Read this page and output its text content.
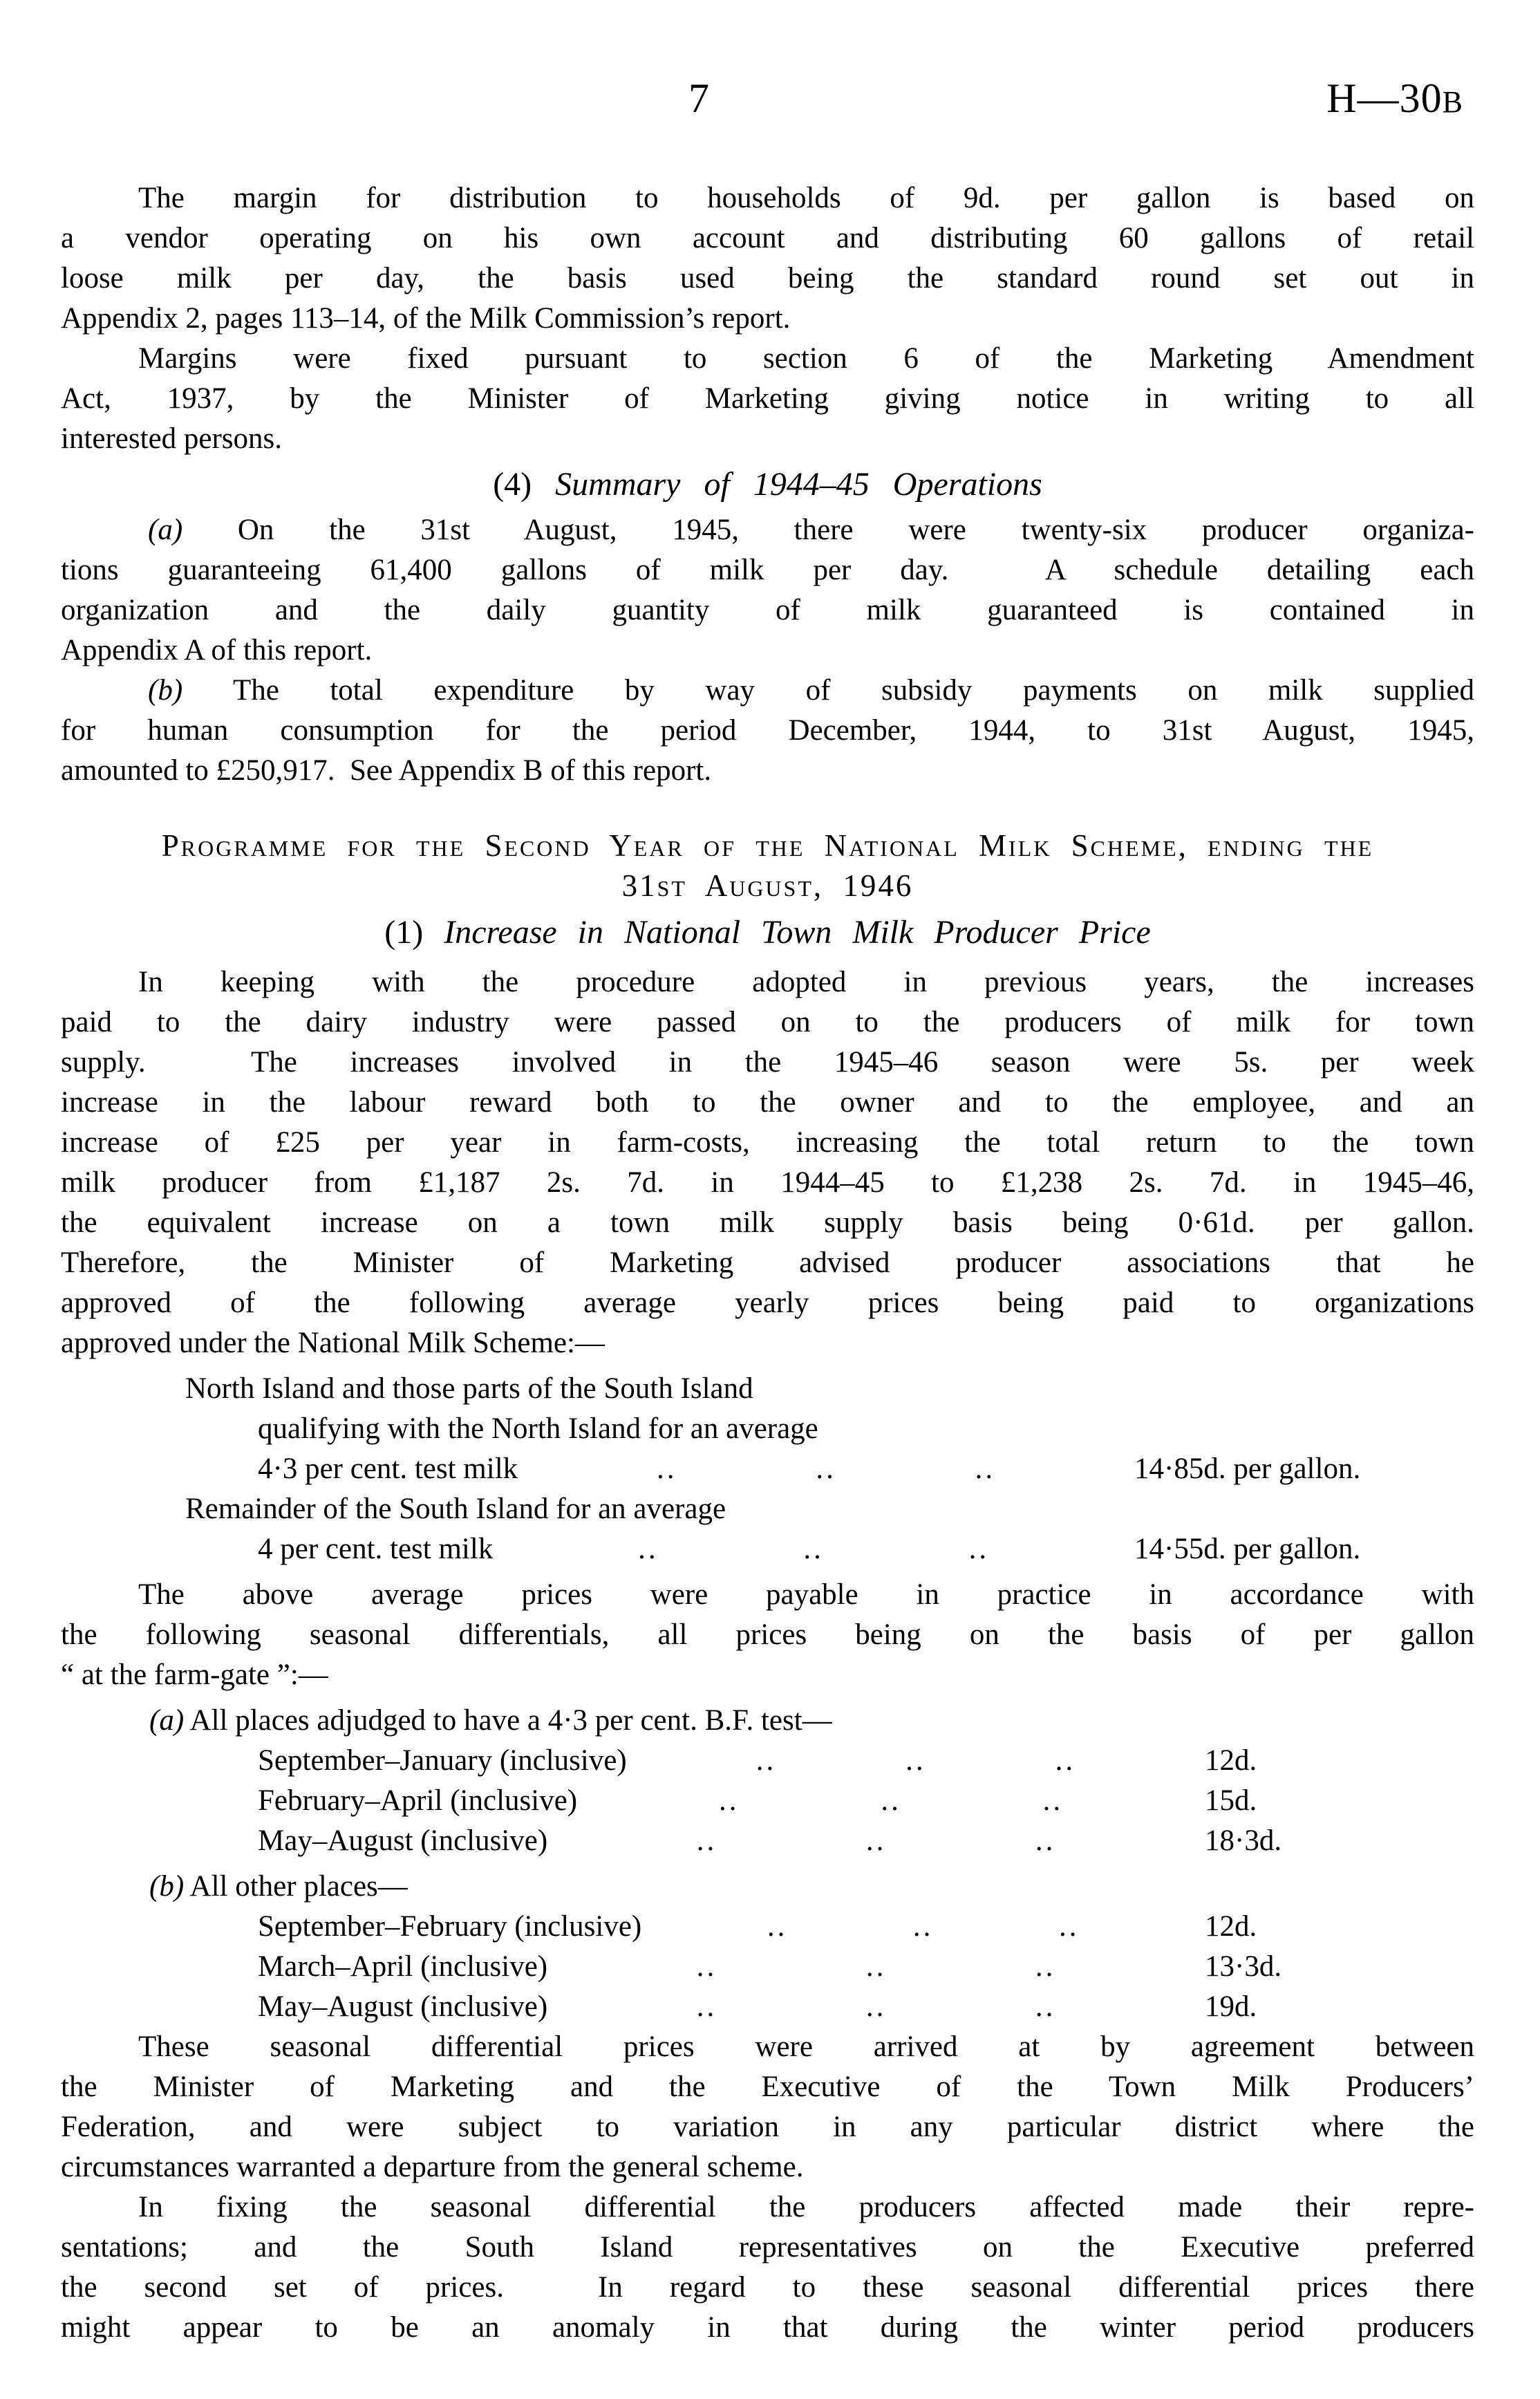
7	H—30B
The margin for distribution to households of 9d. per gallon is based on
a vendor operating on his own account and distributing 60 gallons of retail
loose milk per day, the basis used being the standard round set out in
Appendix 2, pages 113–14, of the Milk Commission’s report.
Margins were fixed pursuant to section 6 of the Marketing Amendment
Act, 1937, by the Minister of Marketing giving notice in writing to all
interested persons.
(4) Summary of 1944–45 Operations
(a) On the 31st August, 1945, there were twenty-six producer organiza-
tions guaranteeing 61,400 gallons of milk per day.  A schedule detailing each
organization and the daily guantity of milk guaranteed is contained in
Appendix A of this report.
(b) The total expenditure by way of subsidy payments on milk supplied
for human consumption for the period December, 1944, to 31st August, 1945,
amounted to £250,917.  See Appendix B of this report.
Programme for the Second Year of the National Milk Scheme, ending the
31st August, 1946
(1) Increase in National Town Milk Producer Price
In keeping with the procedure adopted in previous years, the increases
paid to the dairy industry were passed on to the producers of milk for town
supply.  The increases involved in the 1945–46 season were 5s. per week
increase in the labour reward both to the owner and to the employee, and an
increase of £25 per year in farm-costs, increasing the total return to the town
milk producer from £1,187 2s. 7d. in 1944–45 to £1,238 2s. 7d. in 1945–46,
the equivalent increase on a town milk supply basis being 0·61d. per gallon.
Therefore, the Minister of Marketing advised producer associations that he
approved of the following average yearly prices being paid to organizations
approved under the National Milk Scheme:—
North Island and those parts of the South Island
qualifying with the North Island for an average
4·3 per cent. test milk	..	..	..	14·85d. per gallon.
Remainder of the South Island for an average
4 per cent. test milk	..	..	..	14·55d. per gallon.
The above average prices were payable in practice in accordance with
the following seasonal differentials, all prices being on the basis of per gallon
“ at the farm-gate ”:—
(a) All places adjudged to have a 4·3 per cent. B.F. test—
September–January (inclusive)	..	..	..	12d.
February–April (inclusive)	..	..	..	15d.
May–August (inclusive)	..	..	..	18·3d.
(b) All other places—
September–February (inclusive)	..	..	..	12d.
March–April (inclusive)	..	..	..	13·3d.
May–August (inclusive)	..	..	..	19d.
These seasonal differential prices were arrived at by agreement between
the Minister of Marketing and the Executive of the Town Milk Producers’
Federation, and were subject to variation in any particular district where the
circumstances warranted a departure from the general scheme.
In fixing the seasonal differential the producers affected made their repre-
sentations; and the South Island representatives on the Executive preferred
the second set of prices.  In regard to these seasonal differential prices there
might appear to be an anomaly in that during the winter period producers
